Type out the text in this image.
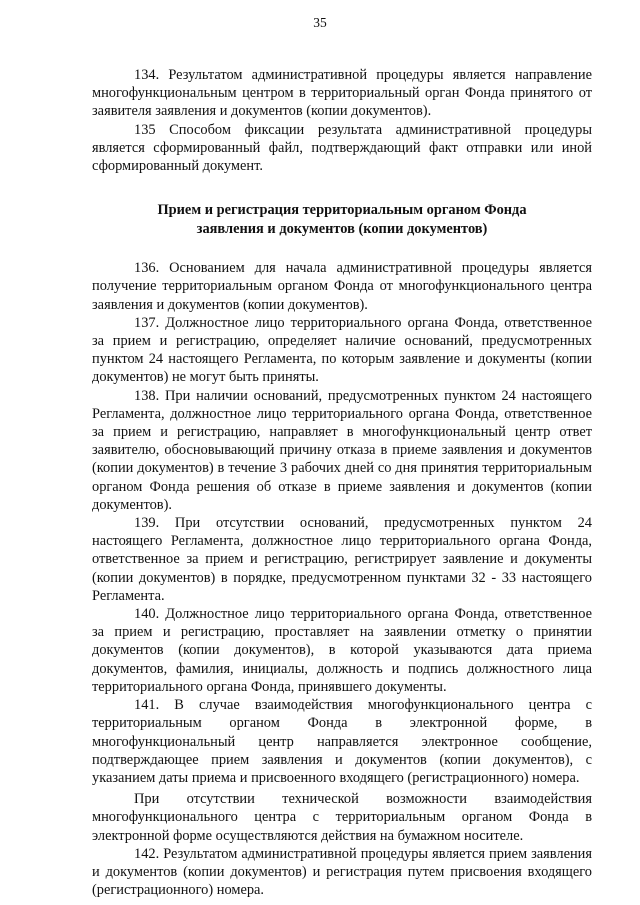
35

134. Результатом административной процедуры является направление многофункциональным центром в территориальный орган Фонда принятого от заявителя заявления и документов (копии документов).

135 Способом фиксации результата административной процедуры является сформированный файл, подтверждающий факт отправки или иной сформированный документ.

Прием и регистрация территориальным органом Фонда
заявления и документов (копии документов)

136. Основанием для начала административной процедуры является получение территориальным органом Фонда от многофункционального центра заявления и документов (копии документов).

137. Должностное лицо территориального органа Фонда, ответственное за прием и регистрацию, определяет наличие оснований, предусмотренных пунктом 24 настоящего Регламента, по которым заявление и документы (копии документов) не могут быть приняты.

138. При наличии оснований, предусмотренных пунктом 24 настоящего Регламента, должностное лицо территориального органа Фонда, ответственное за прием и регистрацию, направляет в многофункциональный центр ответ заявителю, обосновывающий причину отказа в приеме заявления и документов (копии документов) в течение 3 рабочих дней со дня принятия территориальным органом Фонда решения об отказе в приеме заявления и документов (копии документов).

139. При отсутствии оснований, предусмотренных пунктом 24 настоящего Регламента, должностное лицо территориального органа Фонда, ответственное за прием и регистрацию, регистрирует заявление и документы (копии документов) в порядке, предусмотренном пунктами 32 - 33 настоящего Регламента.

140. Должностное лицо территориального органа Фонда, ответственное за прием и регистрацию, проставляет на заявлении отметку о принятии документов (копии документов), в которой указываются дата приема документов, фамилия, инициалы, должность и подпись должностного лица территориального органа Фонда, принявшего документы.

141. В случае взаимодействия многофункционального центра с территориальным органом Фонда в электронной форме, в многофункциональный центр направляется электронное сообщение, подтверждающее прием заявления и документов (копии документов), с указанием даты приема и присвоенного входящего (регистрационного) номера.

При отсутствии технической возможности взаимодействия многофункционального центра с территориальным органом Фонда в электронной форме осуществляются действия на бумажном носителе.

142. Результатом административной процедуры является прием заявления и документов (копии документов) и регистрация путем присвоения входящего (регистрационного) номера.
